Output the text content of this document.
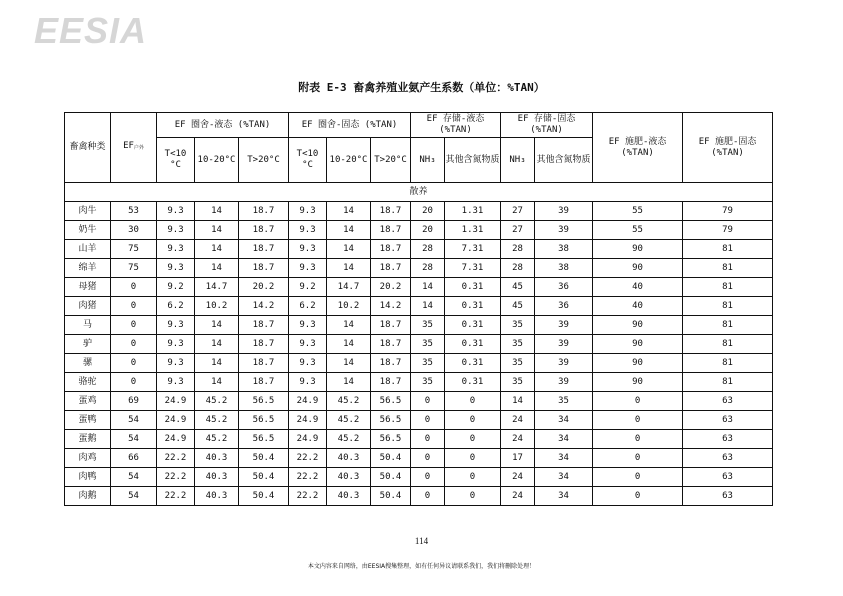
EESIA
附表 E-3 畜禽养殖业氨产生系数（单位：%TAN）
畜禽种类	$EF_{户外}$	EF 圈舍-液态 (%TAN)			EF 圈舍-固态 (%TAN)			EF 存储-液态 (%TAN)		EF 存储-固态 (%TAN)		EF 施肥-液态 (%TAN)	EF 施肥-固态 (%TAN)
		T<10 °C	10-20°C	T>20°C	T<10 °C	10-20°C	T>20°C	NH₃	其他含氮物质	NH₃	其他含氮物质		
散养													
肉牛	53	9.3	14	18.7	9.3	14	18.7	20	1.31	27	39	55	79
奶牛	30	9.3	14	18.7	9.3	14	18.7	20	1.31	27	39	55	79
山羊	75	9.3	14	18.7	9.3	14	18.7	28	7.31	28	38	90	81
绵羊	75	9.3	14	18.7	9.3	14	18.7	28	7.31	28	38	90	81
母猪	0	9.2	14.7	20.2	9.2	14.7	20.2	14	0.31	45	36	40	81
肉猪	0	6.2	10.2	14.2	6.2	10.2	14.2	14	0.31	45	36	40	81
马	0	9.3	14	18.7	9.3	14	18.7	35	0.31	35	39	90	81
驴	0	9.3	14	18.7	9.3	14	18.7	35	0.31	35	39	90	81
骡	0	9.3	14	18.7	9.3	14	18.7	35	0.31	35	39	90	81
骆驼	0	9.3	14	18.7	9.3	14	18.7	35	0.31	35	39	90	81
蛋鸡	69	24.9	45.2	56.5	24.9	45.2	56.5	0	0	14	35	0	63
蛋鸭	54	24.9	45.2	56.5	24.9	45.2	56.5	0	0	24	34	0	63
蛋鹅	54	24.9	45.2	56.5	24.9	45.2	56.5	0	0	24	34	0	63
肉鸡	66	22.2	40.3	50.4	22.2	40.3	50.4	0	0	17	34	0	63
肉鸭	54	22.2	40.3	50.4	22.2	40.3	50.4	0	0	24	34	0	63
肉鹅	54	22.2	40.3	50.4	22.2	40.3	50.4	0	0	24	34	0	63
114
本文内容来自网络，由EESIA搜集整理，如有任何异议请联系我们，我们将删除处理！
